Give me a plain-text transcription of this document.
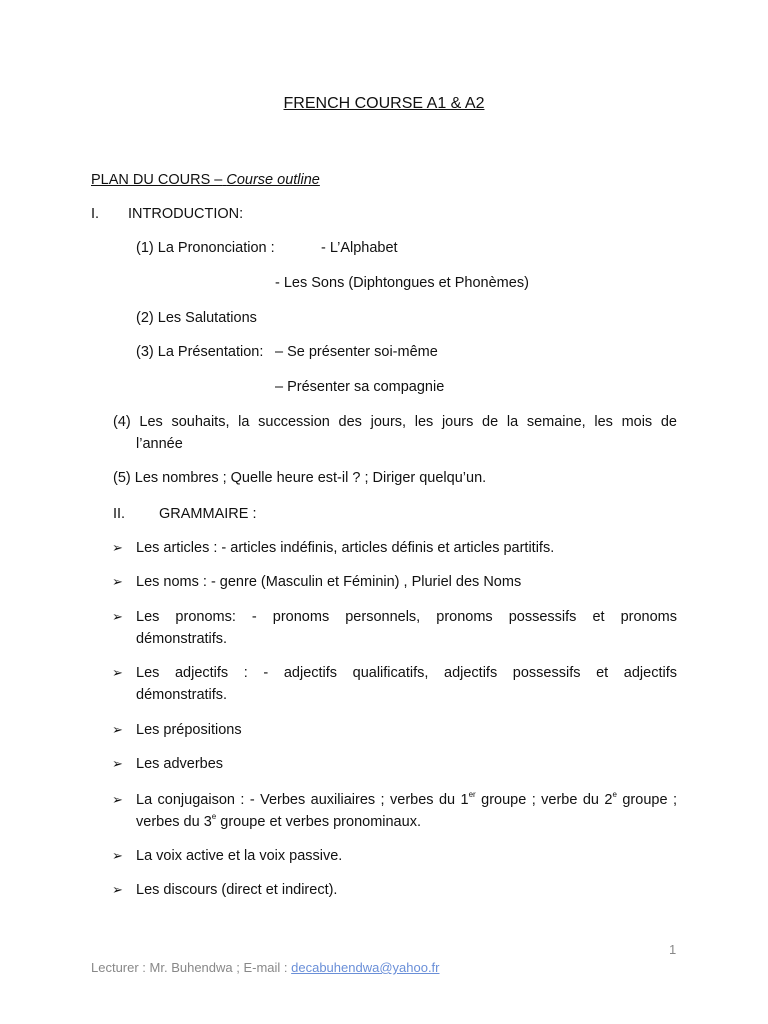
FRENCH COURSE A1 & A2
PLAN DU COURS – Course outline
I. INTRODUCTION:
(1) La Prononciation :	- L’Alphabet
- Les Sons (Diphtongues et Phonèmes)
(2) Les Salutations
(3) La Présentation: – Se présenter soi-même
– Présenter sa compagnie
(4) Les souhaits, la succession des jours, les jours de la semaine, les mois de
l’année
(5) Les nombres ; Quelle heure est-il ? ; Diriger quelqu’un.
II. GRAMMAIRE :
➢ Les articles : - articles indéfinis, articles définis et articles partitifs.
➢ Les noms : - genre (Masculin et Féminin) , Pluriel des Noms
➢ Les pronoms: - pronoms personnels, pronoms possessifs et pronoms
démonstratifs.
➢ Les adjectifs : - adjectifs qualificatifs, adjectifs possessifs et adjectifs
démonstratifs.
➢ Les prépositions
➢ Les adverbes
➢ La conjugaison : - Verbes auxiliaires ; verbes du 1er groupe ; verbe du 2e groupe ;
verbes du 3e groupe et verbes pronominaux.
➢ La voix active et la voix passive.
➢ Les discours (direct et indirect).
1
Lecturer : Mr. Buhendwa ; E-mail : decabuhendwa@yahoo.fr
